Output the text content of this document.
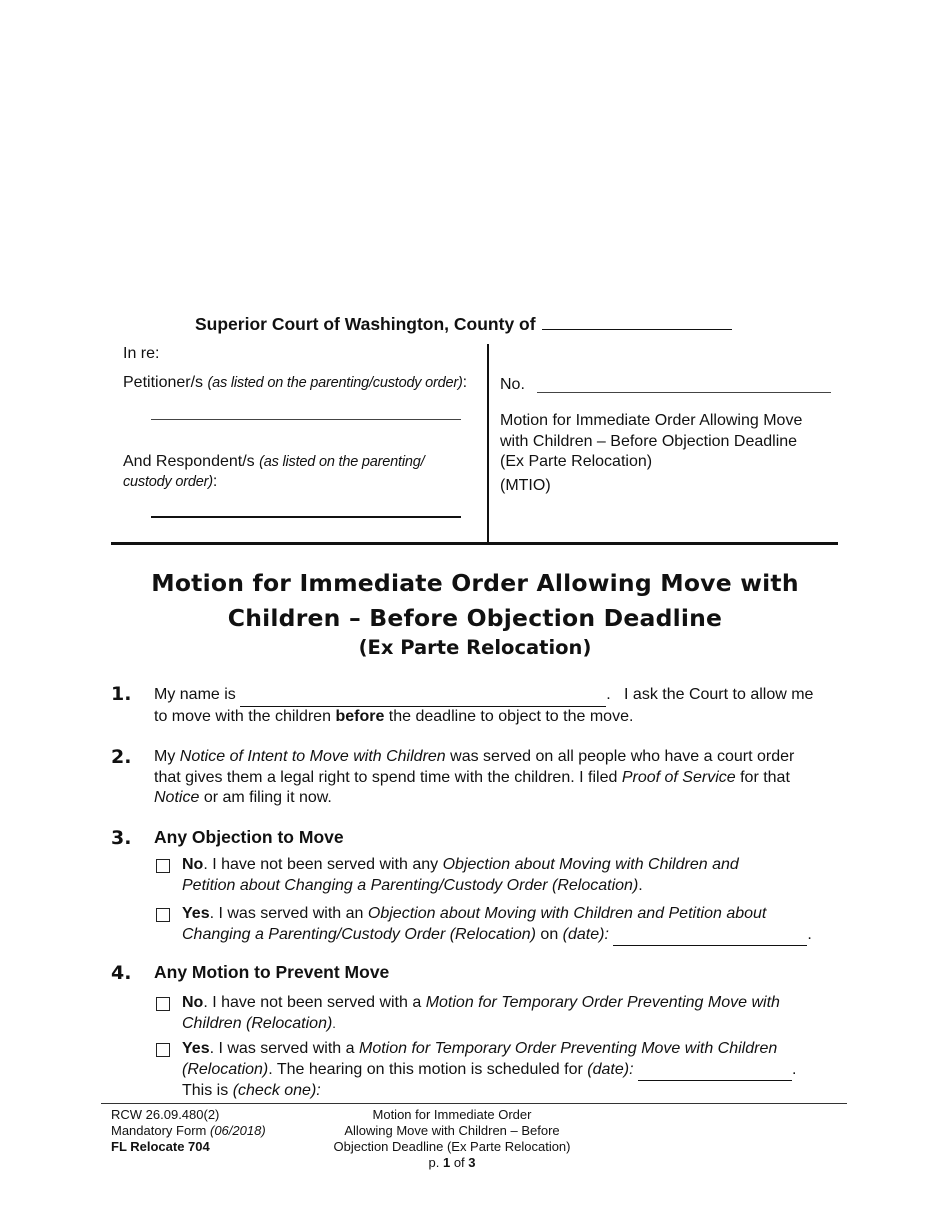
Superior Court of Washington, County of
In re:
Petitioner/s (as listed on the parenting/custody order):
And Respondent/s (as listed on the parenting/
custody order):
No.
Motion for Immediate Order Allowing Move
with Children – Before Objection Deadline
(Ex Parte Relocation)
(MTIO)
Motion for Immediate Order Allowing Move with
Children – Before Objection Deadline
(Ex Parte Relocation)
1. My name is	.   I ask the Court to allow me
to move with the children before the deadline to object to the move.
2. My Notice of Intent to Move with Children was served on all people who have a court order
that gives them a legal right to spend time with the children. I filed Proof of Service for that
Notice or am filing it now.
3. Any Objection to Move
No. I have not been served with any Objection about Moving with Children and
Petition about Changing a Parenting/Custody Order (Relocation).
Yes. I was served with an Objection about Moving with Children and Petition about
Changing a Parenting/Custody Order (Relocation) on (date):	.
4. Any Motion to Prevent Move
No. I have not been served with a Motion for Temporary Order Preventing Move with
Children (Relocation).
Yes. I was served with a Motion for Temporary Order Preventing Move with Children
(Relocation). The hearing on this motion is scheduled for (date):	.
This is (check one):
RCW 26.09.480(2)
Mandatory Form (06/2018)
FL Relocate 704
Motion for Immediate Order
Allowing Move with Children – Before
Objection Deadline (Ex Parte Relocation)
p. 1 of 3
